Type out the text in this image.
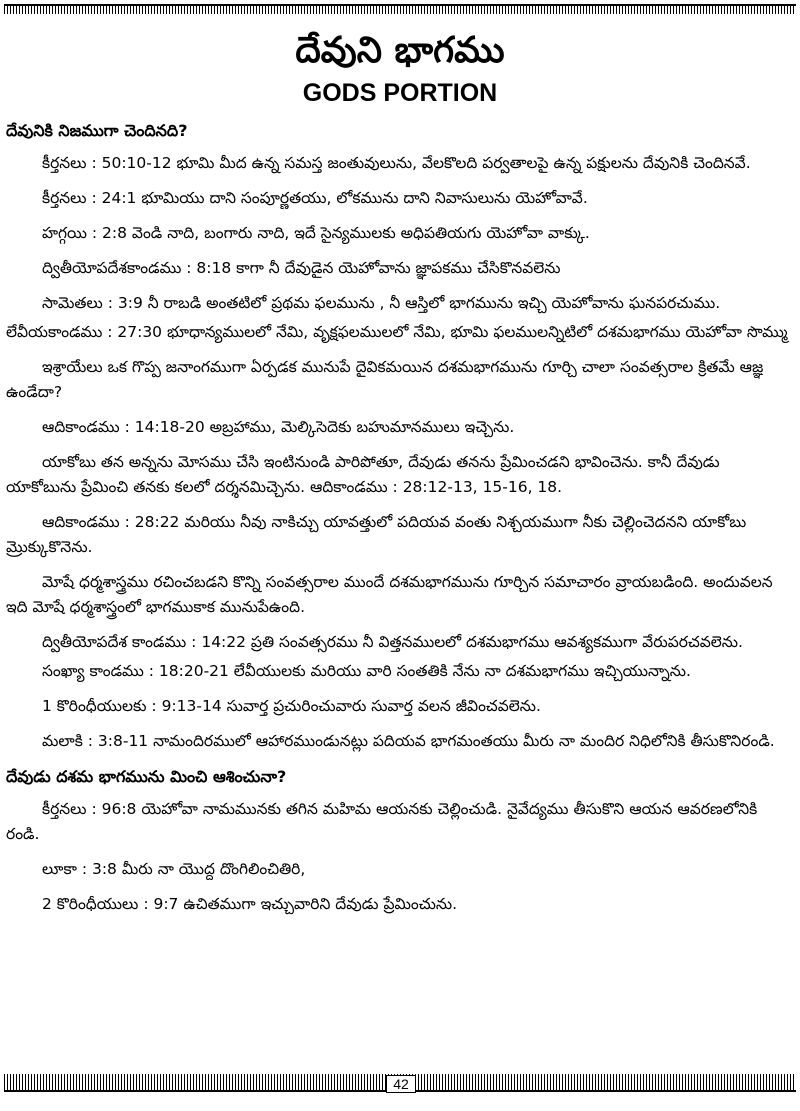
దేవుని భాగము
GODS PORTION
దేవునికి నిజముగా చెందినది?

కీర్తనలు : 50:10-12 భూమి మీద ఉన్న సమస్త జంతువులును, వేలకొలది పర్వతాలపై ఉన్న పక్షులను దేవునికి చెందినవే.

కీర్తనలు : 24:1 భూమియు దాని సంపూర్ణతయు, లోకమును దాని నివాసులును యెహోవావే.

హగ్గయి : 2:8 వెండి నాది, బంగారు నాది, ఇదే సైన్యములకు అధిపతియగు యెహోవా వాక్కు.

ద్వితీయోపదేశకాండము : 8:18 కాగా నీ దేవుడైన యెహోవాను జ్ఞాపకము చేసికొనవలెను

సామెతలు : 3:9 నీ రాబడి అంతటిలో ప్రథమ ఫలమును , నీ ఆస్తిలో భాగమును ఇచ్చి యెహోవాను ఘనపరచుము.

లేవీయకాండము : 27:30 భూధాన్యములలో నేమి, వృక్షఫలములలో నేమి, భూమి ఫలములన్నిటిలో దశమభాగము యెహోవా సొమ్ము

ఇశ్రాయేలు ఒక గొప్ప జనాంగముగా ఏర్పడక మునుపే దైవికమయిన దశమభాగమును గూర్చి చాలా సంవత్సరాల క్రితమే ఆజ్ఞ ఉండేదా?

ఆదికాండము : 14:18-20 అబ్రహాము, మెల్కిసెదెకు బహుమానములు ఇచ్చెను.

యాకోబు తన అన్నను మోసము చేసి ఇంటినుండి పారిపోతూ, దేవుడు తనను ప్రేమించడని భావించెను. కానీ దేవుడు యాకోబును ప్రేమించి తనకు కలలో దర్శనమిచ్చెను. ఆదికాండము : 28:12-13, 15-16, 18.

ఆదికాండము : 28:22 మరియు నీవు నాకిచ్చు యావత్తులో పదియవ వంతు నిశ్చయముగా నీకు చెల్లించెదనని యాకోబు మ్రొక్కుకొనెను.

మోషే ధర్మశాస్త్రము రచించబడని కొన్ని సంవత్సరాల ముందే దశమభాగమును గూర్చిన సమాచారం వ్రాయబడింది. అందువలన ఇది మోషే ధర్మశాస్త్రంలో భాగముకాక మునుపేఉంది.

ద్వితీయోపదేశ కాండము : 14:22 ప్రతి సంవత్సరము నీ విత్తనములలో దశమభాగము ఆవశ్యకముగా వేరుపరచవలెను.

సంఖ్యా కాండము : 18:20-21 లేవీయులకు మరియు వారి సంతతికి నేను నా దశమభాగము ఇచ్చియున్నాను.

1 కొరింధీయులకు : 9:13-14 సువార్త ప్రచురించువారు సువార్త వలన జీవించవలెను.

మలాకి : 3:8-11 నామందిరములో ఆహారముండునట్లు పదియవ భాగమంతయు మీరు నా మందిర నిధిలోనికి తీసుకొనిరండి.

దేవుడు దశమ భాగమును మించి ఆశించునా?

కీర్తనలు : 96:8 యెహోవా నామమునకు తగిన మహిమ ఆయనకు చెల్లించుడి. నైవేద్యము తీసుకొని ఆయన ఆవరణలోనికి రండి.

లూకా : 3:8 మీరు నా యొద్ద దొంగిలించితిరి,

2 కొరింధీయులు : 9:7 ఉచితముగా ఇచ్చువారిని దేవుడు ప్రేమించును.

42
